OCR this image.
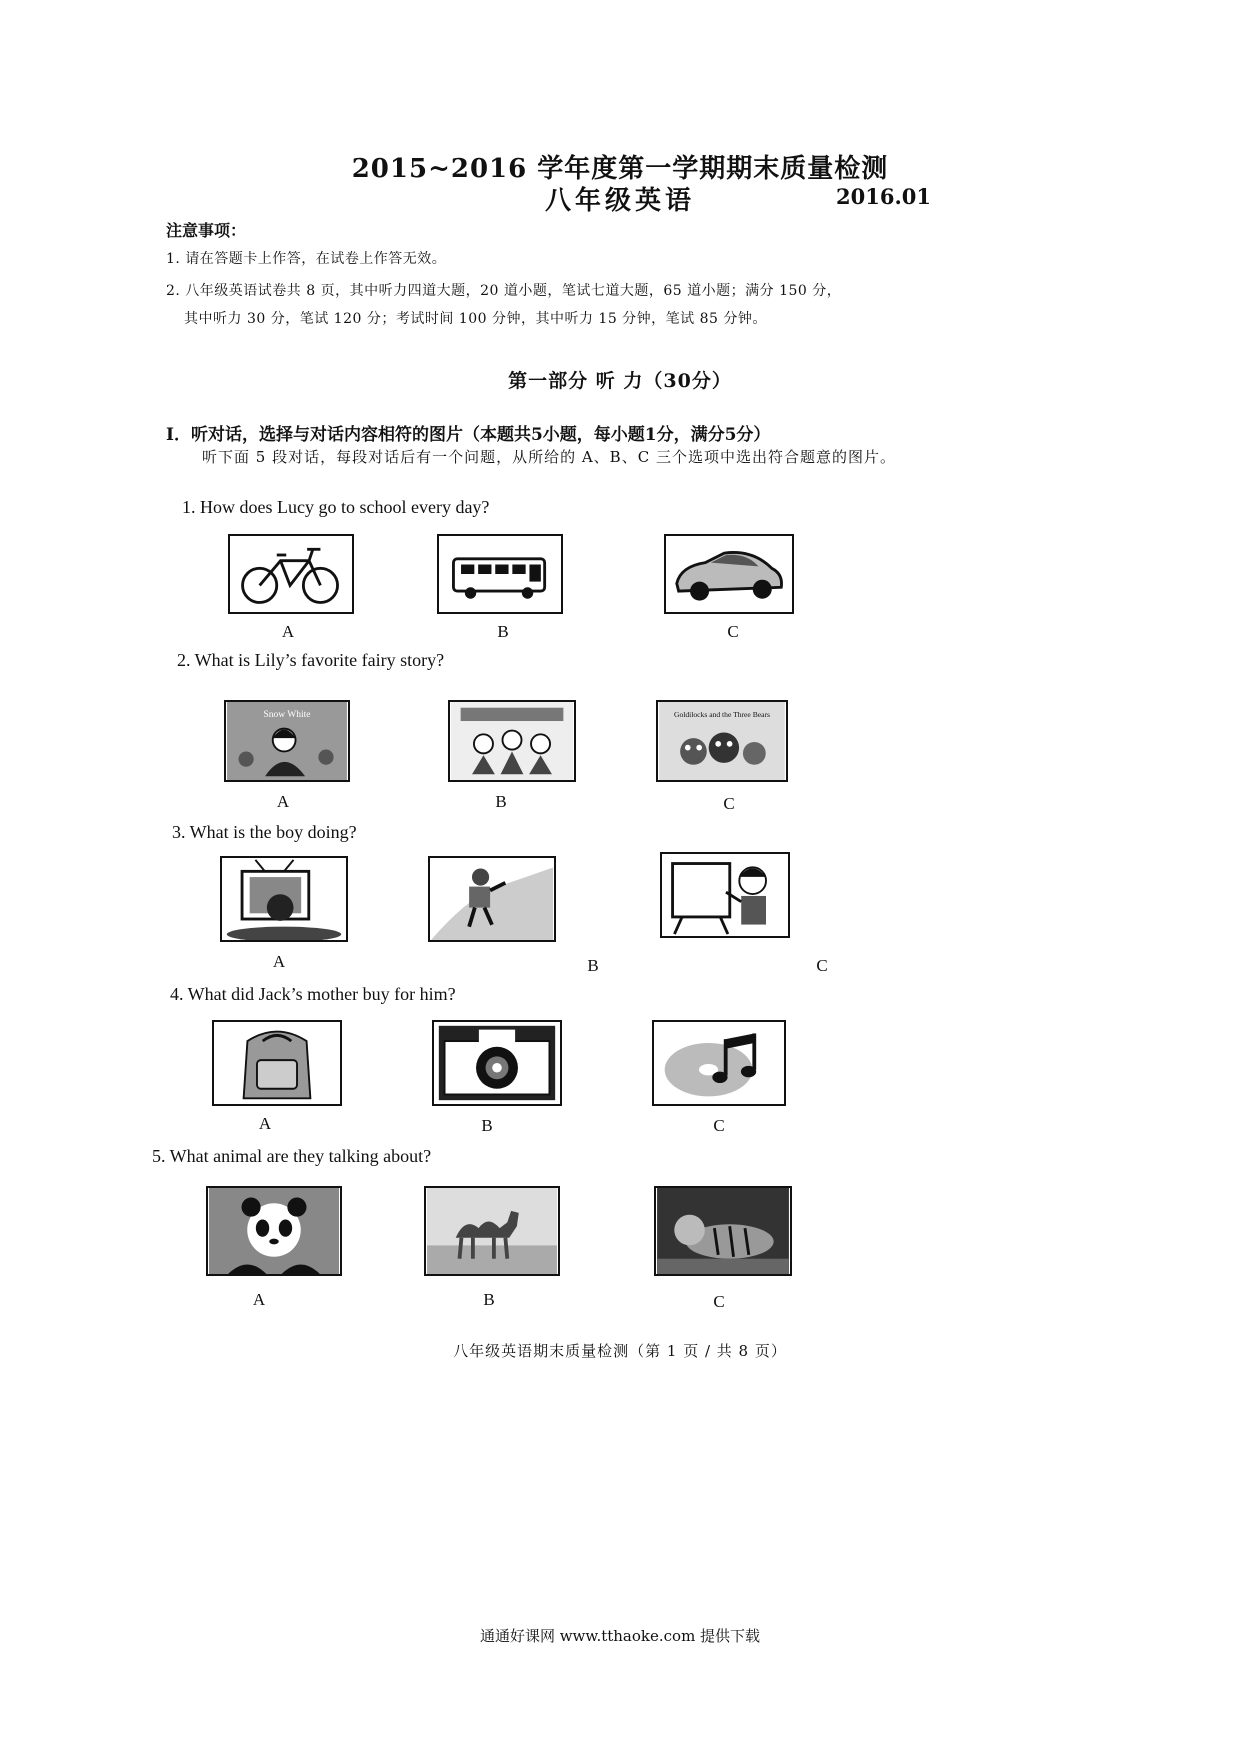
2015~2016 学年度第一学期期末质量检测
八年级英语	2016.01
注意事项：
1. 请在答题卡上作答，在试卷上作答无效。
2. 八年级英语试卷共 8 页，其中听力四道大题，20 道小题，笔试七道大题，65 道小题；满分 150 分，
其中听力 30 分，笔试 120 分；考试时间 100 分钟，其中听力 15 分钟，笔试 85 分钟。
第一部分 听 力（30分）
I．听对话，选择与对话内容相符的图片（本题共5小题，每小题1分，满分5分）
听下面 5 段对话，每段对话后有一个问题，从所给的 A、B、C 三个选项中选出符合题意的图片。
1. How does Lucy go to school every day?
A	B	C
2. What is Lily’s favorite fairy story?
Snow White	Goldilocks and the Three Bears
A	B	C
3. What is the boy doing?
A	B	C
4. What did Jack’s mother buy for him?
A	B	C
5. What animal are they talking about?
A	B	C
八年级英语期末质量检测（第 1 页 / 共 8 页）
通通好课网 www.tthaoke.com 提供下载
